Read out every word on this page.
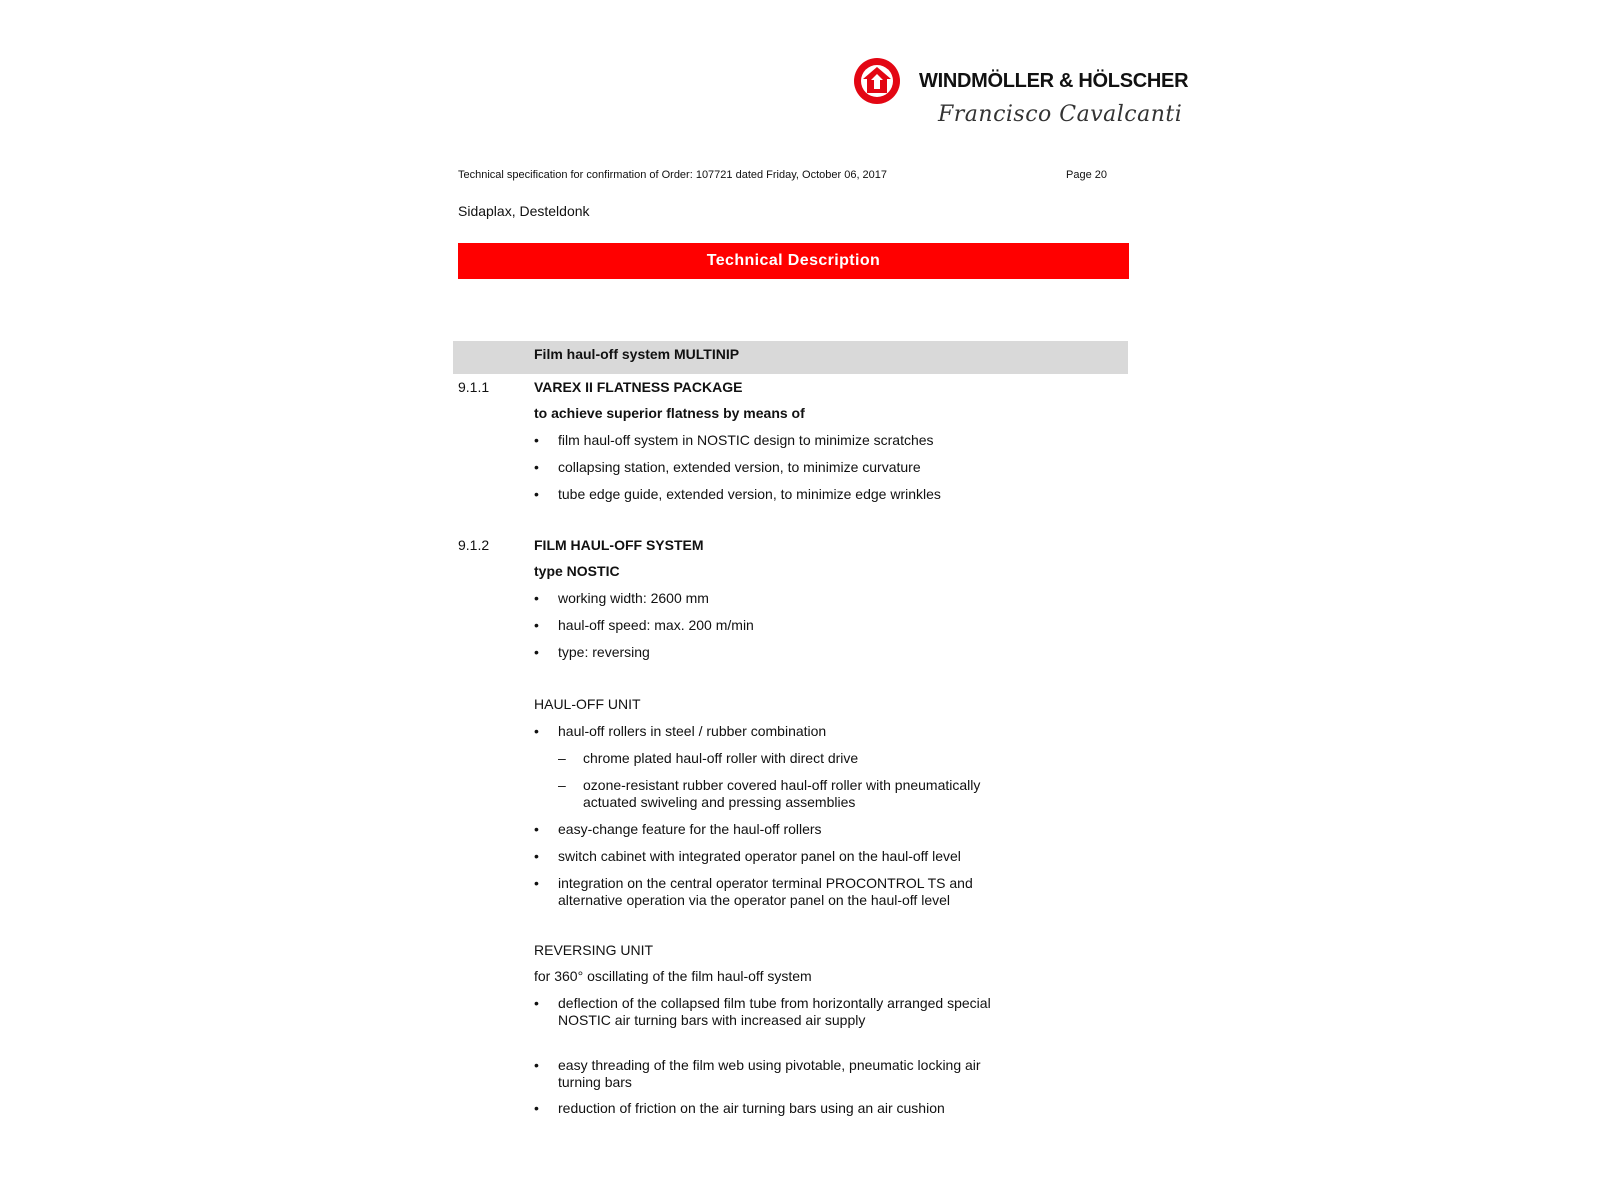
WINDMÖLLER & HÖLSCHER
Francisco Cavalcanti
Technical specification for confirmation of Order: 107721 dated Friday, October 06, 2017	Page 20
Sidaplax, Desteldonk
Technical Description
Film haul-off system MULTINIP
9.1.1	VAREX II FLATNESS PACKAGE
to achieve superior flatness by means of
• film haul-off system in NOSTIC design to minimize scratches
• collapsing station, extended version, to minimize curvature
• tube edge guide, extended version, to minimize edge wrinkles
9.1.2	FILM HAUL-OFF SYSTEM
type NOSTIC
• working width: 2600 mm
• haul-off speed: max. 200 m/min
• type: reversing
HAUL-OFF UNIT
• haul-off rollers in steel / rubber combination
– chrome plated haul-off roller with direct drive
– ozone-resistant rubber covered haul-off roller with pneumatically
actuated swiveling and pressing assemblies
• easy-change feature for the haul-off rollers
• switch cabinet with integrated operator panel on the haul-off level
• integration on the central operator terminal PROCONTROL TS and
alternative operation via the operator panel on the haul-off level
REVERSING UNIT
for 360° oscillating of the film haul-off system
• deflection of the collapsed film tube from horizontally arranged special
NOSTIC air turning bars with increased air supply
• easy threading of the film web using pivotable, pneumatic locking air
turning bars
• reduction of friction on the air turning bars using an air cushion
